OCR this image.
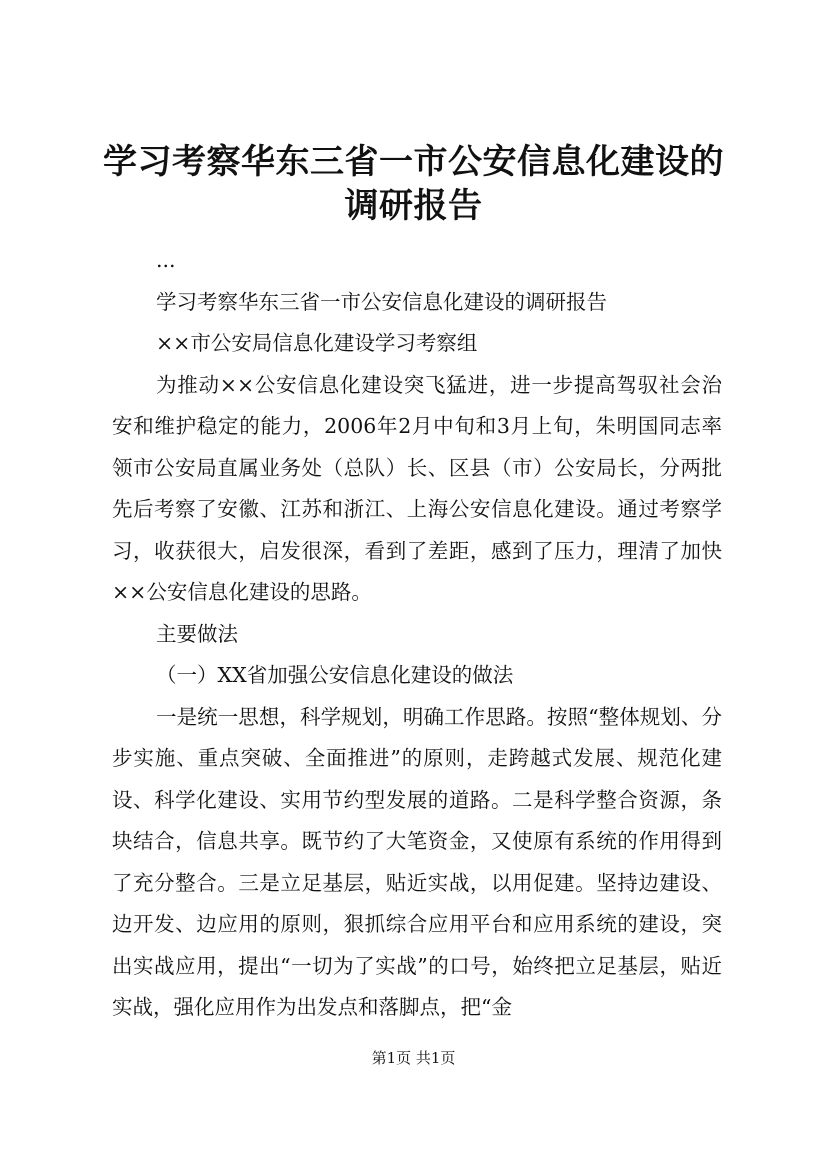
学习考察华东三省一市公安信息化建设的调研报告

...

学习考察华东三省一市公安信息化建设的调研报告

××市公安局信息化建设学习考察组

为推动××公安信息化建设突飞猛进，进一步提高驾驭社会治安和维护稳定的能力，2006年2月中旬和3月上旬，朱明国同志率领市公安局直属业务处（总队）长、区县（市）公安局长，分两批先后考察了安徽、江苏和浙江、上海公安信息化建设。通过考察学习，收获很大，启发很深，看到了差距，感到了压力，理清了加快××公安信息化建设的思路。

主要做法

（一）XX省加强公安信息化建设的做法

一是统一思想，科学规划，明确工作思路。按照“整体规划、分步实施、重点突破、全面推进”的原则，走跨越式发展、规范化建设、科学化建设、实用节约型发展的道路。二是科学整合资源，条块结合，信息共享。既节约了大笔资金，又使原有系统的作用得到了充分整合。三是立足基层，贴近实战，以用促建。坚持边建设、边开发、边应用的原则，狠抓综合应用平台和应用系统的建设，突出实战应用，提出“一切为了实战”的口号，始终把立足基层，贴近实战，强化应用作为出发点和落脚点，把“金

第1页 共1页
